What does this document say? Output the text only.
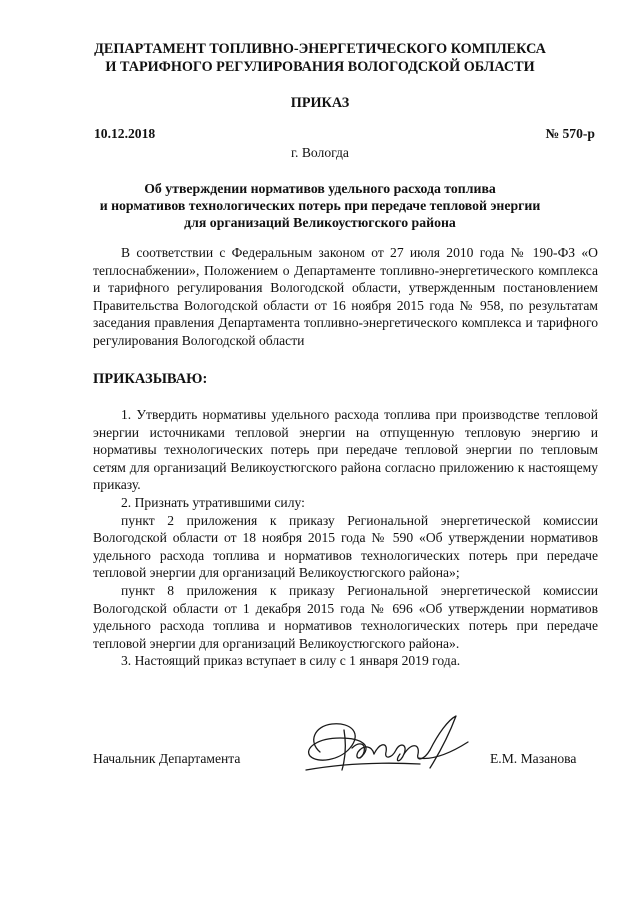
ДЕПАРТАМЕНТ ТОПЛИВНО-ЭНЕРГЕТИЧЕСКОГО КОМПЛЕКСА
И ТАРИФНОГО РЕГУЛИРОВАНИЯ ВОЛОГОДСКОЙ ОБЛАСТИ
ПРИКАЗ
10.12.2018	№ 570-р
г. Вологда
Об утверждении нормативов удельного расхода топлива
и нормативов технологических потерь при передаче тепловой энергии
для организаций Великоустюгского района

В соответствии с Федеральным законом от 27 июля 2010 года № 190-ФЗ «О теплоснабжении», Положением о Департаменте топливно-энергетического комплекса и тарифного регулирования Вологодской области, утвержденным постановлением Правительства Вологодской области от 16 ноября 2015 года № 958, по результатам заседания правления Департамента топливно-энергетического комплекса и тарифного регулирования Вологодской области

ПРИКАЗЫВАЮ:

1. Утвердить нормативы удельного расхода топлива при производстве тепловой энергии источниками тепловой энергии на отпущенную тепловую энергию и нормативы технологических потерь при передаче тепловой энергии по тепловым сетям для организаций Великоустюгского района согласно приложению к настоящему приказу.

2. Признать утратившими силу:

пункт 2 приложения к приказу Региональной энергетической комиссии Вологодской области от 18 ноября 2015 года № 590 «Об утверждении нормативов удельного расхода топлива и нормативов технологических потерь при передаче тепловой энергии для организаций Великоустюгского района»;

пункт 8 приложения к приказу Региональной энергетической комиссии Вологодской области от 1 декабря 2015 года № 696 «Об утверждении нормативов удельного расхода топлива и нормативов технологических потерь при передаче тепловой энергии для организаций Великоустюгского района».

3. Настоящий приказ вступает в силу с 1 января 2019 года.

Начальник Департамента	Е.М. Мазанова
